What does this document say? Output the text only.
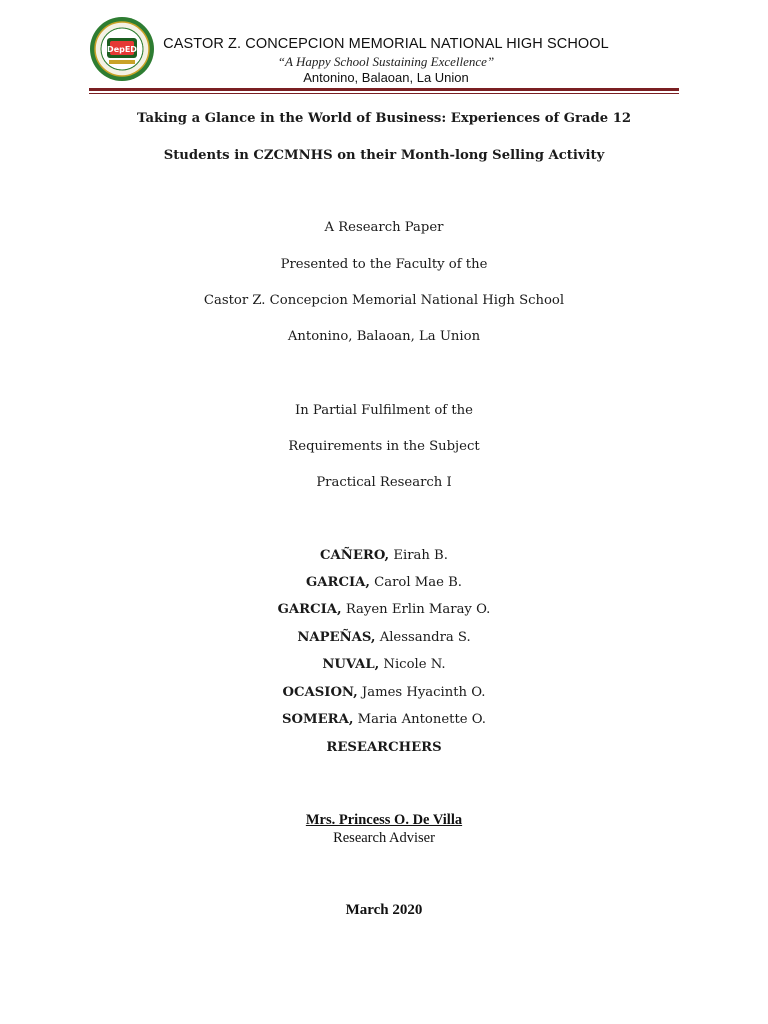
DepED CASTOR Z. CONCEPCION MEMORIAL NATIONAL HIGH SCHOOL
“A Happy School Sustaining Excellence”
Antonino, Balaoan, La Union
Taking a Glance in the World of Business: Experiences of Grade 12
Students in CZCMNHS on their Month-long Selling Activity
A Research Paper
Presented to the Faculty of the
Castor Z. Concepcion Memorial National High School
Antonino, Balaoan, La Union
In Partial Fulfilment of the
Requirements in the Subject
Practical Research I
CAÑERO, Eirah B.
GARCIA, Carol Mae B.
GARCIA, Rayen Erlin Maray O.
NAPEÑAS, Alessandra S.
NUVAL, Nicole N.
OCASION, James Hyacinth O.
SOMERA, Maria Antonette O.
RESEARCHERS
Mrs. Princess O. De Villa
Research Adviser
March 2020
